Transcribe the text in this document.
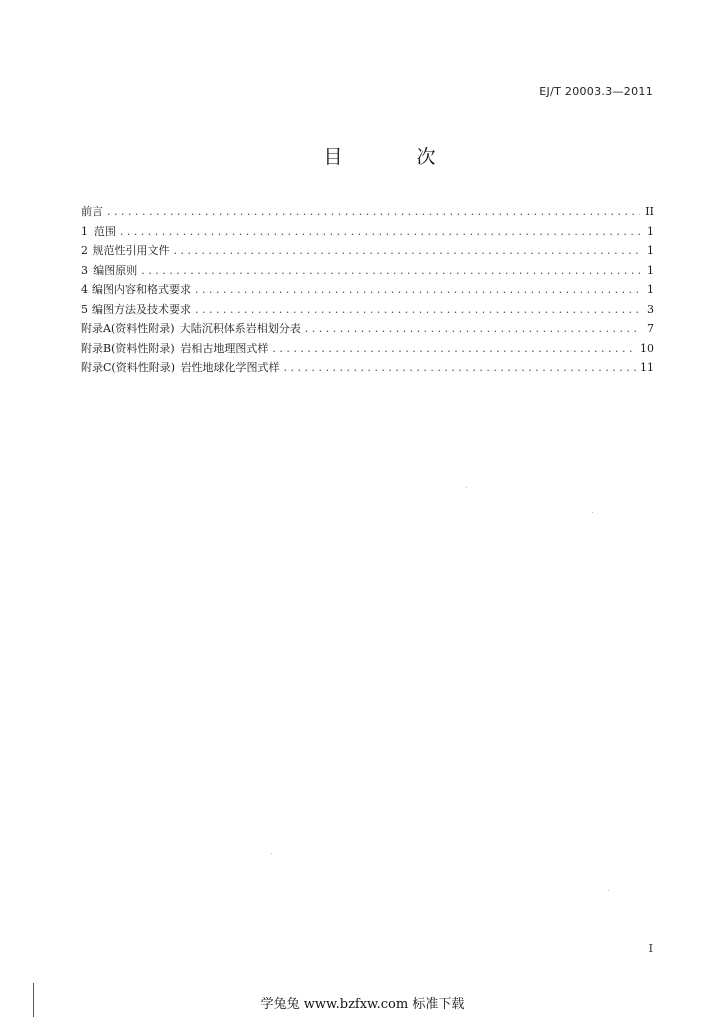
EJ/T 20003.3—2011
目 次
前言 . . .	II
1 范围 . . .	1
2 规范性引用文件 . . .	1
3 编图原则 . . .	1
4 编图内容和格式要求 . . .	1
5 编图方法及技术要求 . . .	3
附录A(资料性附录) 大陆沉积体系岩相划分表 . . .	7
附录B(资料性附录) 岩相古地理图式样 . . .	10
附录C(资料性附录) 岩性地球化学图式样 . . .	11
I
学兔兔 www.bzfxw.com 标准下载
